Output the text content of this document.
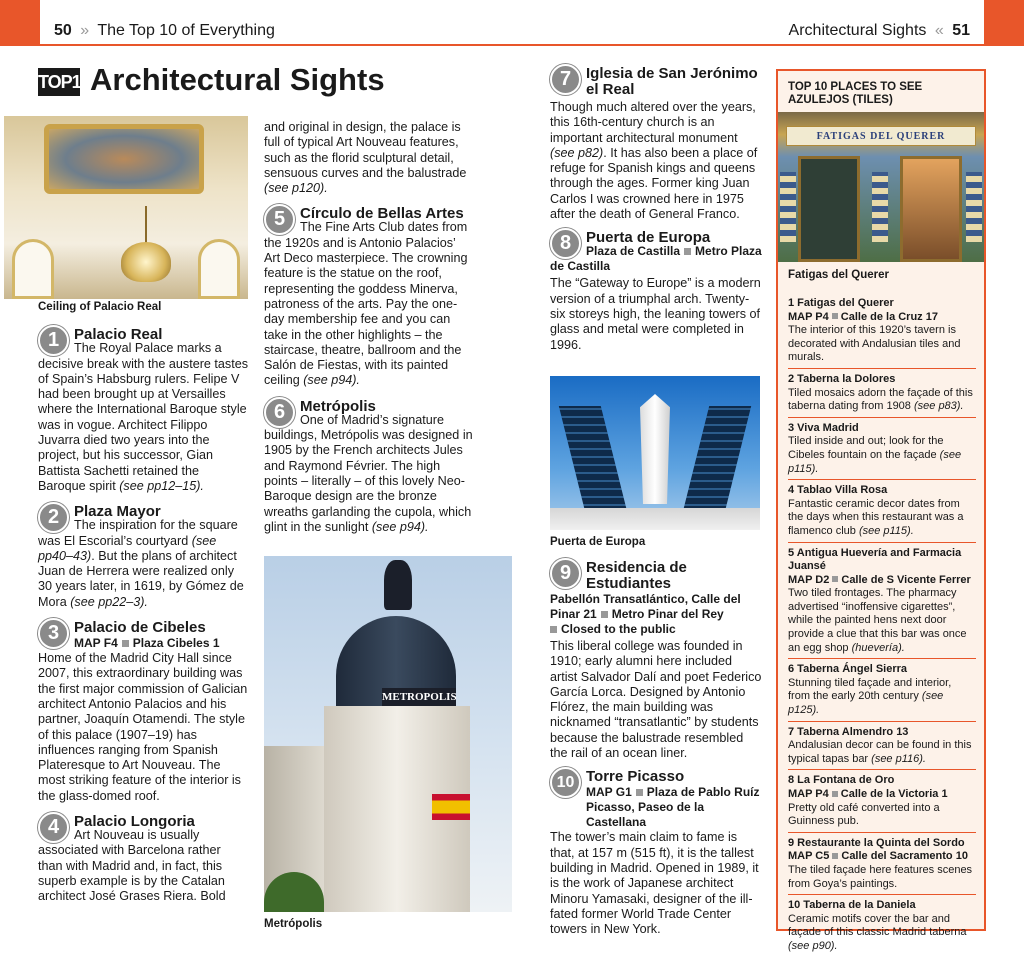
50 » The Top 10 of Everything	Architectural Sights « 51
TOP10 Architectural Sights
METROPOLIS
Metrópolis
Puerta de Europa
Ceiling of Palacio Real
1 Palacio Real

The Royal Palace marks a decisive break with the austere tastes of Spain’s Habsburg rulers. Felipe V had been brought up at Versailles where the International Baroque style was in vogue. Architect Filippo Juvarra died two years into the project, but his successor, Gian Battista Sachetti retained the Baroque spirit (see pp12–15).

2 Plaza Mayor

The inspiration for the square was El Escorial’s courtyard (see pp40–43). But the plans of architect Juan de Herrera were realized only 30 years later, in 1619, by Gómez de Mora (see pp22–3).

3 Palacio de Cibeles
MAP F4 Plaza Cibeles 1

Home of the Madrid City Hall since 2007, this extraordinary building was the first major commission of Galician architect Antonio Palacios and his partner, Joaquín Otamendi. The style of this palace (1907–19) has influences ranging from Spanish Plateresque to Art Nouveau. The most striking feature of the interior is the glass-domed roof.

4 Palacio Longoria

Art Nouveau is usually associated with Barcelona rather than with Madrid and, in fact, this superb example is by the Catalan architect José Grases Riera. Bold

and original in design, the palace is full of typical Art Nouveau features, such as the florid sculptural detail, sensuous curves and the balustrade (see p120).

5 Círculo de Bellas Artes

The Fine Arts Club dates from the 1920s and is Antonio Palacios’ Art Deco masterpiece. The crowning feature is the statue on the roof, representing the goddess Minerva, patroness of the arts. Pay the one-day membership fee and you can take in the other highlights – the staircase, theatre, ballroom and the Salón de Fiestas, with its painted ceiling (see p94).

6 Metrópolis

One of Madrid’s signature buildings, Metrópolis was designed in 1905 by the French architects Jules and Raymond Février. The high points – literally – of this lovely Neo-Baroque design are the bronze wreaths garlanding the cupola, which glint in the sunlight (see p94).

7 Iglesia de San Jerónimo el Real

Though much altered over the years, this 16th-century church is an important architectural monument (see p82). It has also been a place of refuge for Spanish kings and queens through the ages. Former king Juan Carlos I was crowned here in 1975 after the death of General Franco.

8 Puerta de Europa
Plaza de Castilla Metro Plaza de Castilla

The “Gateway to Europe” is a modern version of a triumphal arch. Twenty-six storeys high, the leaning towers of glass and metal were completed in 1996.

9 Residencia de Estudiantes
Pabellón Transatlántico, Calle del Pinar 21 Metro Pinar del Rey
Closed to the public

This liberal college was founded in 1910; early alumni here included artist Salvador Dalí and poet Federico García Lorca. Designed by Antonio Flórez, the main building was nicknamed “transatlantic” by students because the balustrade resembled the rail of an ocean liner.

10 Torre Picasso
MAP G1 Plaza de Pablo Ruíz Picasso, Paseo de la Castellana

The tower’s main claim to fame is that, at 157 m (515 ft), it is the tallest building in Madrid. Opened in 1989, it is the work of Japanese architect Minoru Yamasaki, designer of the ill-fated former World Trade Center towers in New York.

TOP 10 PLACES TO SEE AZULEJOS (TILES)
Fatigas del Querer
1 Fatigas del Querer
MAP P4 Calle de la Cruz 17
The interior of this 1920’s tavern is decorated with Andalusian tiles and murals.
2 Taberna la Dolores
Tiled mosaics adorn the façade of this taberna dating from 1908 (see p83).
3 Viva Madrid
Tiled inside and out; look for the Cibeles fountain on the façade (see p115).
4 Tablao Villa Rosa
Fantastic ceramic decor dates from the days when this restaurant was a flamenco club (see p115).
5 Antigua Huevería and Farmacia Juansé
MAP D2 Calle de S Vicente Ferrer
Two tiled frontages. The pharmacy advertised “inoffensive cigarettes”, while the painted hens next door provide a clue that this bar was once an egg shop (huevería).
6 Taberna Ángel Sierra
Stunning tiled façade and interior, from the early 20th century (see p125).
7 Taberna Almendro 13
Andalusian decor can be found in this typical tapas bar (see p116).
8 La Fontana de Oro
MAP P4 Calle de la Victoria 1
Pretty old café converted into a Guinness pub.
9 Restaurante la Quinta del Sordo
MAP C5 Calle del Sacramento 10
The tiled façade here features scenes from Goya’s paintings.
10 Taberna de la Daniela
Ceramic motifs cover the bar and façade of this classic Madrid taberna (see p90).
FATIGAS DEL QUERER
